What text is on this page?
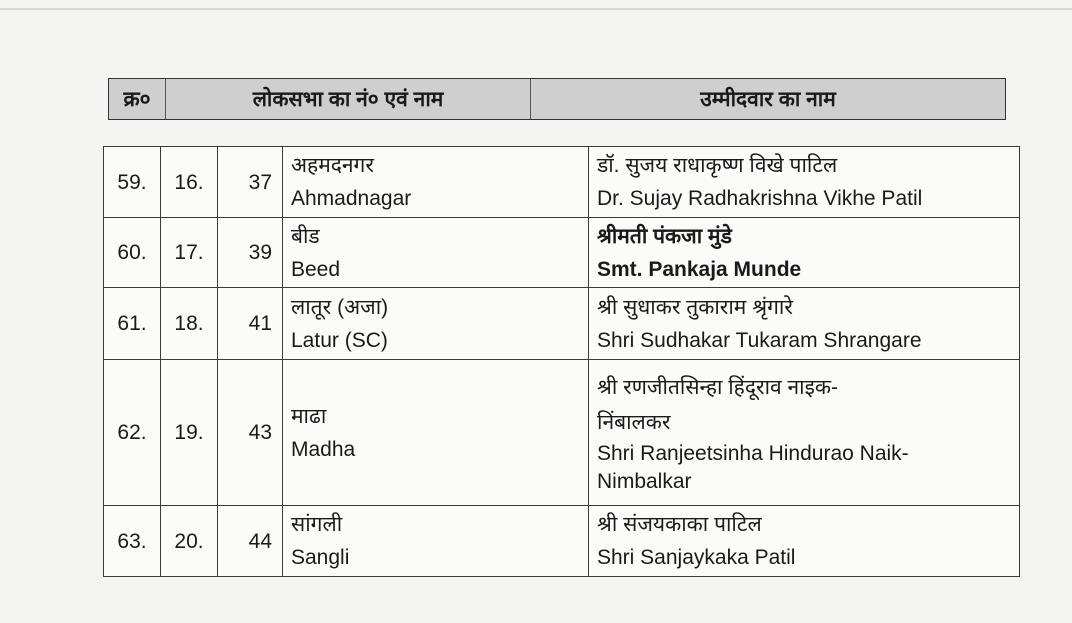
क्र०	लोकसभा का नं० एवं नाम	उम्मीदवार का नाम
59.	16.	37	अहमदनगर
Ahmadnagar	डॉ. सुजय राधाकृष्ण विखे पाटिल
Dr. Sujay Radhakrishna Vikhe Patil

60.	17.	39	बीड
Beed	श्रीमती पंकजा मुंडे
Smt. Pankaja Munde

61.	18.	41	लातूर (अजा)
Latur (SC)	श्री सुधाकर तुकाराम श्रृंगारे
Shri Sudhakar Tukaram Shrangare

62.	19.	43	माढा
Madha	श्री रणजीतसिन्हा हिंदूराव नाइक-
निंबालकर
Shri Ranjeetsinha Hindurao Naik-
Nimbalkar

63.	20.	44	सांगली
Sangli	श्री संजयकाका पाटिल
Shri Sanjaykaka Patil
